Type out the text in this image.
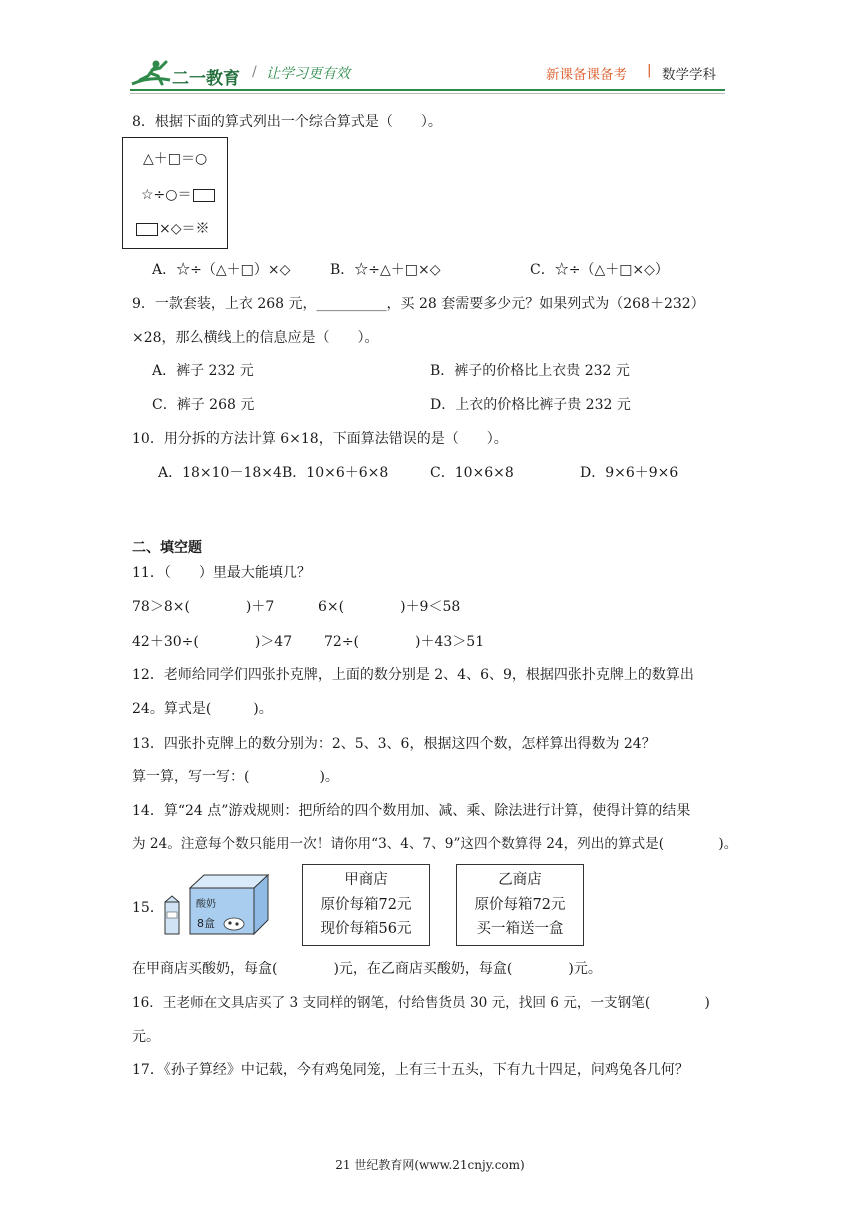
二一教育 / 让学习更有效	新课备课备考 | 数学学科
8．根据下面的算式列出一个综合算式是（　　）。
△＋□＝○
☆÷○＝
×◇＝※
A．☆÷（△＋□）×◇	B．☆÷△＋□×◇	C．☆÷（△＋□×◇）
9．一款套装，上衣 268 元，__________，买 28 套需要多少元？如果列式为（268＋232）
×28，那么横线上的信息应是（　　）。
A．裤子 232 元	B．裤子的价格比上衣贵 232 元
C．裤子 268 元	D．上衣的价格比裤子贵 232 元
10．用分拆的方法计算 6×18，下面算法错误的是（　　）。
A．18×10－18×4 B．10×6＋6×8	C．10×6×8	D．9×6＋9×6
二、填空题
11．（　　）里最大能填几？
78＞8×(　　　　)＋7	6×(　　　　)＋9＜58
42＋30÷(　　　　)＞47 72÷(　　　　)＋43＞51
12．老师给同学们四张扑克牌，上面的数分别是 2、4、6、9，根据四张扑克牌上的数算出
24。算式是(　　　)。
13．四张扑克牌上的数分别为：2、5、3、6，根据这四个数，怎样算出得数为 24？
算一算，写一写：(　　　　　)。
14．算“24 点”游戏规则：把所给的四个数用加、减、乘、除法进行计算，使得计算的结果
为 24。注意每个数只能用一次！请你用“3、4、7、9”这四个数算得 24，列出的算式是(　　　　)。
15．	酸奶
8盒
甲商店
原价每箱72元
现价每箱56元
乙商店
原价每箱72元
买一箱送一盒
在甲商店买酸奶，每盒(　　　　)元，在乙商店买酸奶，每盒(　　　　)元。
16．王老师在文具店买了 3 支同样的钢笔，付给售货员 30 元，找回 6 元，一支钢笔(　　　　)
元。
17．《孙子算经》中记载，今有鸡兔同笼，上有三十五头，下有九十四足，问鸡兔各几何？
21 世纪教育网(www.21cnjy.com)
